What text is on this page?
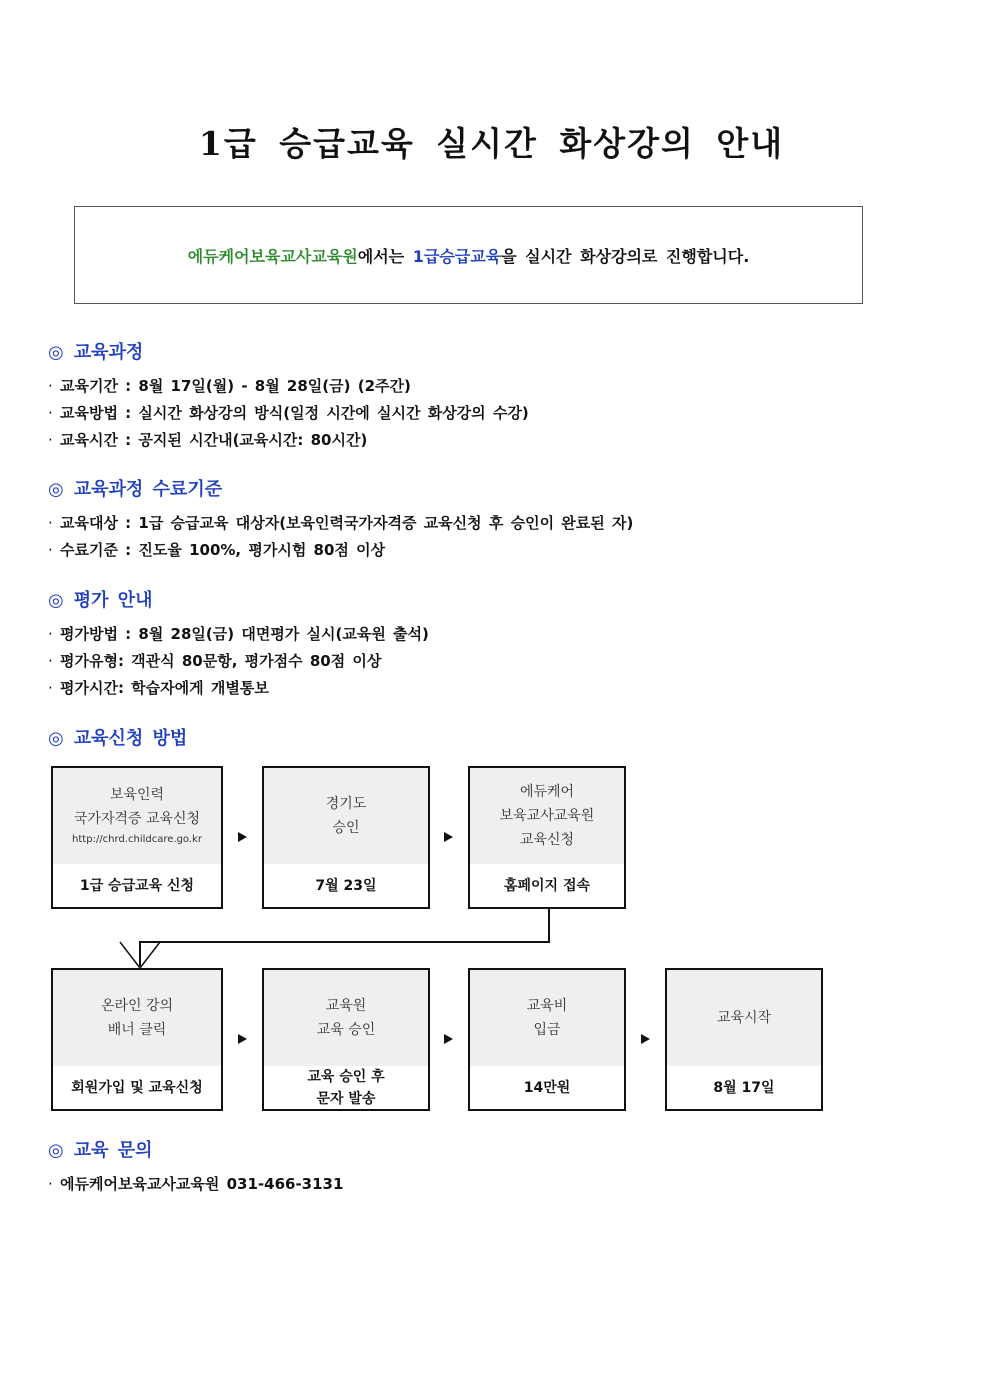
1급 승급교육 실시간 화상강의 안내
에듀케어보육교사교육원 에서는 1급승급교육 을 실시간 화상강의로 진행합니다.
◎ 교육과정
· 교육기간 : 8월 17일(월) - 8월 28일(금) (2주간)
· 교육방법 : 실시간 화상강의 방식(일정 시간에 실시간 화상강의 수강)
· 교육시간 : 공지된 시간내(교육시간: 80시간)
◎ 교육과정 수료기준
· 교육대상 : 1급 승급교육 대상자(보육인력국가자격증 교육신청 후 승인이 완료된 자)
· 수료기준 : 진도율 100%, 평가시험 80점 이상
◎ 평가 안내
· 평가방법 : 8월 28일(금) 대면평가 실시(교육원 출석)
· 평가유형: 객관식 80문항, 평가점수 80점 이상
· 평가시간: 학습자에게 개별통보
◎ 교육신청 방법
보육인력
국가자격증 교육신청
http://chrd.childcare.go.kr
1급 승급교육 신청
경기도
승인
7월 23일
에듀케어
보육교사교육원
교육신청
홈페이지 접속
온라인 강의
배너 클릭
회원가입 및 교육신청
교육원
교육 승인
교육 승인 후
문자 발송
교육비
입금
14만원
교육시작
8월 17일
◎ 교육 문의
· 에듀케어보육교사교육원 031-466-3131
